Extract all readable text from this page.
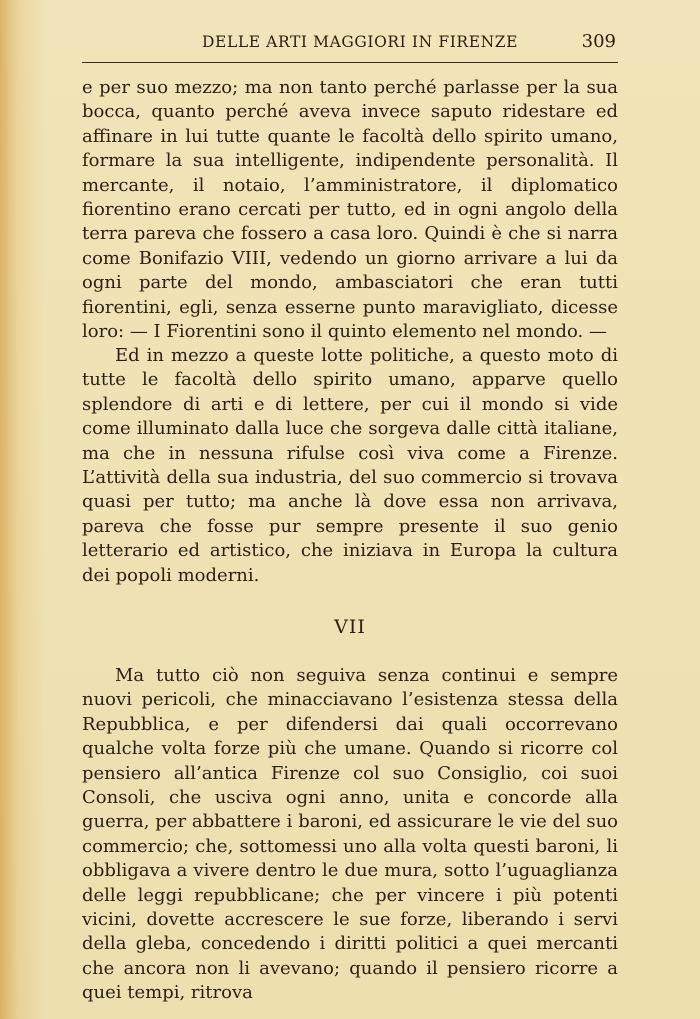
DELLE ARTI MAGGIORI IN FIRENZE	309

e per suo mezzo; ma non tanto perché parlasse per la sua bocca, quanto perché aveva invece saputo ridestare ed affinare in lui tutte quante le facoltà dello spirito umano, formare la sua intelligente, indipendente personalità. Il mercante, il notaio, l’amministratore, il diplomatico fiorentino erano cercati per tutto, ed in ogni angolo della terra pareva che fossero a casa loro. Quindi è che si narra come Bonifazio VIII, vedendo un giorno arrivare a lui da ogni parte del mondo, ambasciatori che eran tutti fiorentini, egli, senza esserne punto maravigliato, dicesse loro: — I Fiorentini sono il quinto elemento nel mondo. —

Ed in mezzo a queste lotte politiche, a questo moto di tutte le facoltà dello spirito umano, apparve quello splendore di arti e di lettere, per cui il mondo si vide come illuminato dalla luce che sorgeva dalle città italiane, ma che in nessuna rifulse così viva come a Firenze. L’attività della sua industria, del suo commercio si trovava quasi per tutto; ma anche là dove essa non arrivava, pareva che fosse pur sempre presente il suo genio letterario ed artistico, che iniziava in Europa la cultura dei popoli moderni.

VII

Ma tutto ciò non seguiva senza continui e sempre nuovi pericoli, che minacciavano l’esistenza stessa della Repubblica, e per difendersi dai quali occorrevano qualche volta forze più che umane. Quando si ricorre col pensiero all’antica Firenze col suo Consiglio, coi suoi Consoli, che usciva ogni anno, unita e concorde alla guerra, per abbattere i baroni, ed assicurare le vie del suo commercio; che, sottomessi uno alla volta questi baroni, li obbligava a vivere dentro le due mura, sotto l’uguaglianza delle leggi repubblicane; che per vincere i più potenti vicini, dovette accrescere le sue forze, liberando i servi della gleba, concedendo i diritti politici a quei mercanti che ancora non li avevano; quando il pensiero ricorre a quei tempi, ritrova
